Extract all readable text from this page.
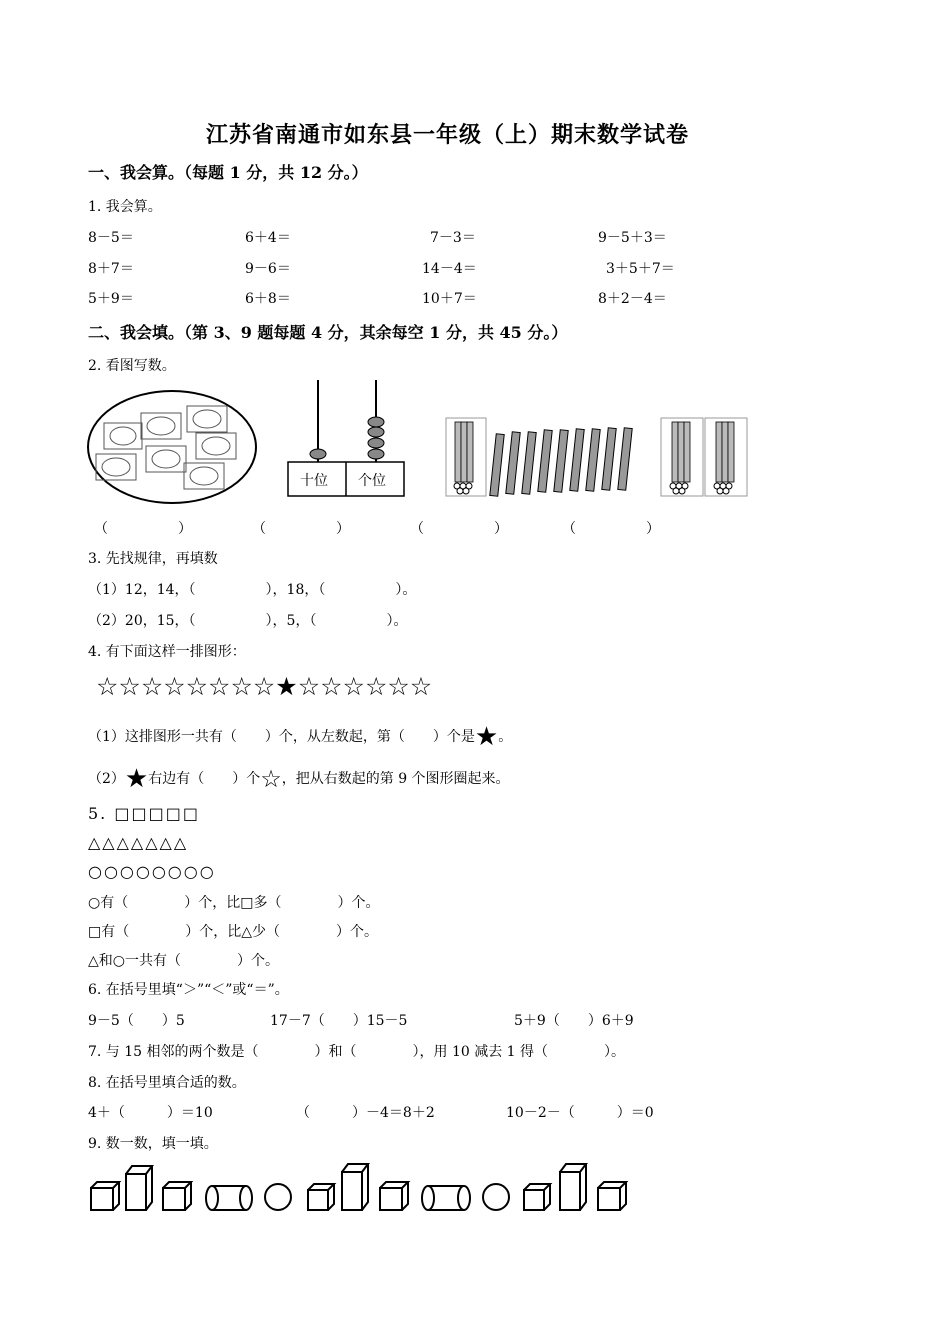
江苏省南通市如东县一年级（上）期末数学试卷
一、我会算。（每题 1 分，共 12 分。）
1. 我会算。
8－5＝	6＋4＝	7－3＝	9－5＋3＝
8＋7＝	9－6＝	14－4＝	3＋5＋7＝
5＋9＝	6＋8＝	10＋7＝	8＋2－4＝
二、我会填。（第 3、9 题每题 4 分，其余每空 1 分，共 45 分。）
2. 看图写数。
十位 个位
（　　　　　）	（　　　　　）	（　　　　　）	（　　　　　）
3. 先找规律，再填数
（1）12，14，（　　　　　），18，（　　　　　）。
（2）20，15，（　　　　　），5，（　　　　　）。
4. 有下面这样一排图形：
☆☆☆☆☆☆☆☆★☆☆☆☆☆☆
（1）这排图形一共有（　　）个，从左数起，第（　　）个是★。
（2）★右边有（　　）个☆，把从右数起的第 9 个图形圈起来。
5. □□□□□
△△△△△△△
○○○○○○○○
○有（　　　　）个，比□多（　　　　）个。
□有（　　　　）个，比△少（　　　　）个。
△和○一共有（　　　　）个。
6. 在括号里填“＞”“＜”或“＝”。
9－5（　　）5	17－7（　　）15－5	5＋9（　　）6＋9
7. 与 15 相邻的两个数是（　　　　）和（　　　　），用 10 减去 1 得（　　　　）。
8. 在括号里填合适的数。
4＋（　　　）＝10	（　　　）－4＝8＋2	10－2－（　　　）＝0
9. 数一数，填一填。
